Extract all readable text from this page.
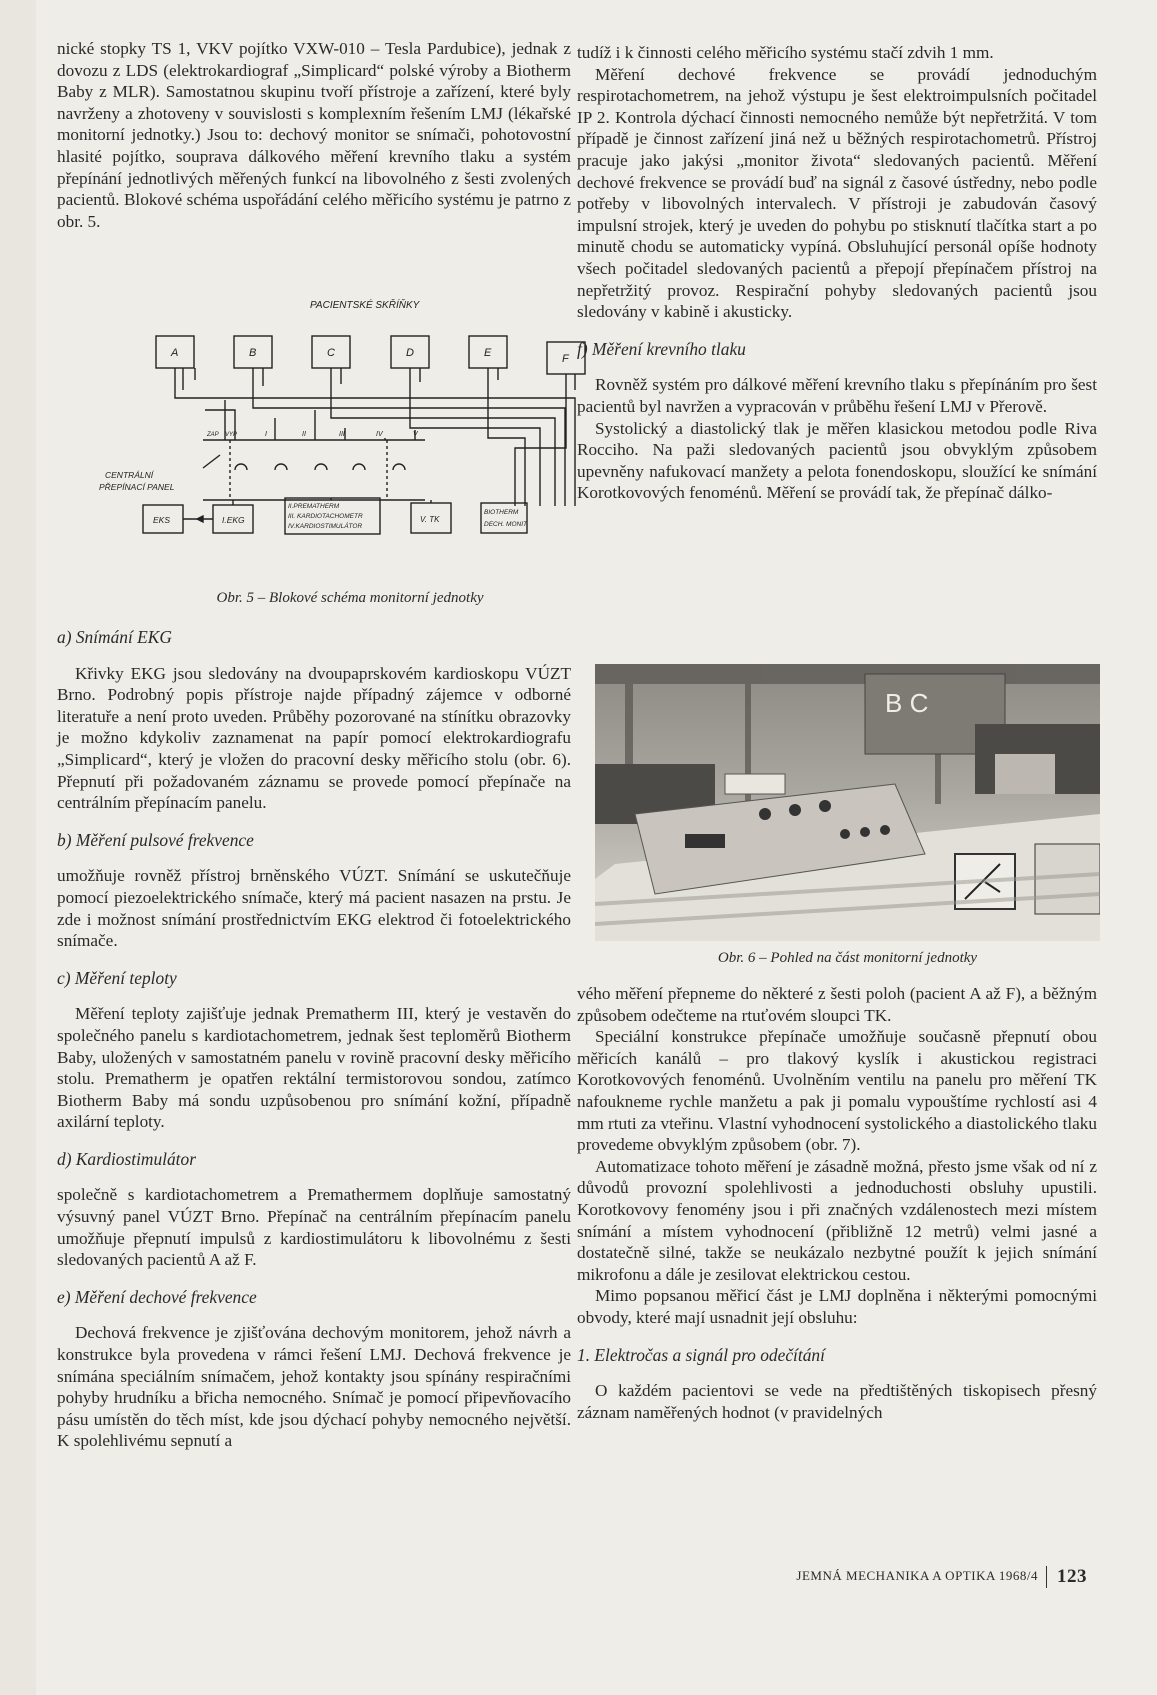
nické stopky TS 1, VKV pojítko VXW-010 – Tesla Pardubice), jednak z dovozu z LDS (elektrokardiograf „Simplicard“ polské výroby a Biotherm Baby z MLR). Samostatnou skupinu tvoří přístroje a zařízení, které byly navrženy a zhotoveny v souvislosti s komplexním řešením LMJ (lékařské monitorní jednotky.) Jsou to: dechový monitor se snímači, pohotovostní hlasité pojítko, souprava dálkového měření krevního tlaku a systém přepínání jednotlivých měřených funkcí na libovolného z šesti zvolených pacientů. Blokové schéma uspořádání celého měřicího systému je patrno z obr. 5.

PACIENTSKÉ SKŘÍŇKY
A	B	C	D	E	F
CENTRÁLNÍ
PŘEPÍNACÍ PANEL
ZAP VYP	I	II	III	IV	V
EKS	I.EKG
II.PREMATHERM
III. KARDIOTACHOMETR
IV.KARDIOSTIMULÁTOR
V. TK
BIOTHERM
DECH. MONIT.
Obr. 5 – Blokové schéma monitorní jednotky
a) Snímání EKG

Křivky EKG jsou sledovány na dvoupaprskovém kardioskopu VÚZT Brno. Podrobný popis přístroje najde případný zájemce v odborné literatuře a není proto uveden. Průběhy pozorované na stínítku obrazovky je možno kdykoliv zaznamenat na papír pomocí elektrokardiografu „Simplicard“, který je vložen do pracovní desky měřicího stolu (obr. 6). Přepnutí při požadovaném záznamu se provede pomocí přepínače na centrálním přepínacím panelu.

b) Měření pulsové frekvence

umožňuje rovněž přístroj brněnského VÚZT. Snímání se uskutečňuje pomocí piezoelektrického snímače, který má pacient nasazen na prstu. Je zde i možnost snímání prostřednictvím EKG elektrod či fotoelektrického snímače.

c) Měření teploty

Měření teploty zajišťuje jednak Prematherm III, který je vestavěn do společného panelu s kardiotachometrem, jednak šest teploměrů Biotherm Baby, uložených v samostatném panelu v rovině pracovní desky měřicího stolu. Prematherm je opatřen rektální termistorovou sondou, zatímco Biotherm Baby má sondu uzpůsobenou pro snímání kožní, případně axilární teploty.

d) Kardiostimulátor

společně s kardiotachometrem a Premathermem doplňuje samostatný výsuvný panel VÚZT Brno. Přepínač na centrálním přepínacím panelu umožňuje přepnutí impulsů z kardiostimulátoru k libovolnému z šesti sledovaných pacientů A až F.

e) Měření dechové frekvence

Dechová frekvence je zjišťována dechovým monitorem, jehož návrh a konstrukce byla provedena v rámci řešení LMJ. Dechová frekvence je snímána speciálním snímačem, jehož kontakty jsou spínány respiračními pohyby hrudníku a břicha nemocného. Snímač je pomocí připevňovacího pásu umístěn do těch míst, kde jsou dýchací pohyby nemocného největší. K spolehlivému sepnutí a

tudíž i k činnosti celého měřicího systému stačí zdvih 1 mm.

Měření dechové frekvence se provádí jednoduchým respirotachometrem, na jehož výstupu je šest elektroimpulsních počitadel IP 2. Kontrola dýchací činnosti nemocného nemůže být nepřetržitá. V tom případě je činnost zařízení jiná než u běžných respirotachometrů. Přístroj pracuje jako jakýsi „monitor života“ sledovaných pacientů. Měření dechové frekvence se provádí buď na signál z časové ústředny, nebo podle potřeby v libovolných intervalech. V přístroji je zabudován časový impulsní strojek, který je uveden do pohybu po stisknutí tlačítka start a po minutě chodu se automaticky vypíná. Obsluhující personál opíše hodnoty všech počitadel sledovaných pacientů a přepojí přepínačem přístroj na nepřetržitý provoz. Respirační pohyby sledovaných pacientů jsou sledovány v kabině i akusticky.

f) Měření krevního tlaku

Rovněž systém pro dálkové měření krevního tlaku s přepínáním pro šest pacientů byl navržen a vypracován v průběhu řešení LMJ v Přerově.

Systolický a diastolický tlak je měřen klasickou metodou podle Riva Rocciho. Na paži sledovaných pacientů jsou obvyklým způsobem upevněny nafukovací manžety a pelota fonendoskopu, sloužící ke snímání Korotkovových fenoménů. Měření se provádí tak, že přepínač dálko-

B C
Obr. 6 – Pohled na část monitorní jednotky

vého měření přepneme do některé z šesti poloh (pacient A až F), a běžným způsobem odečteme na rtuťovém sloupci TK.

Speciální konstrukce přepínače umožňuje současně přepnutí obou měřicích kanálů – pro tlakový kyslík i akustickou registraci Korotkovových fenoménů. Uvolněním ventilu na panelu pro měření TK nafoukneme rychle manžetu a pak ji pomalu vypouštíme rychlostí asi 4 mm rtuti za vteřinu. Vlastní vyhodnocení systolického a diastolického tlaku provedeme obvyklým způsobem (obr. 7).

Automatizace tohoto měření je zásadně možná, přesto jsme však od ní z důvodů provozní spolehlivosti a jednoduchosti obsluhy upustili. Korotkovovy fenomény jsou i při značných vzdálenostech mezi místem snímání a místem vyhodnocení (přibližně 12 metrů) velmi jasné a dostatečně silné, takže se neukázalo nezbytné použít k jejich snímání mikrofonu a dále je zesilovat elektrickou cestou.

Mimo popsanou měřicí část je LMJ doplněna i některými pomocnými obvody, které mají usnadnit její obsluhu:

1. Elektročas a signál pro odečítání

O každém pacientovi se vede na předtištěných tiskopisech přesný záznam naměřených hodnot (v pravidelných

JEMNÁ MECHANIKA A OPTIKA 1968/4 123
